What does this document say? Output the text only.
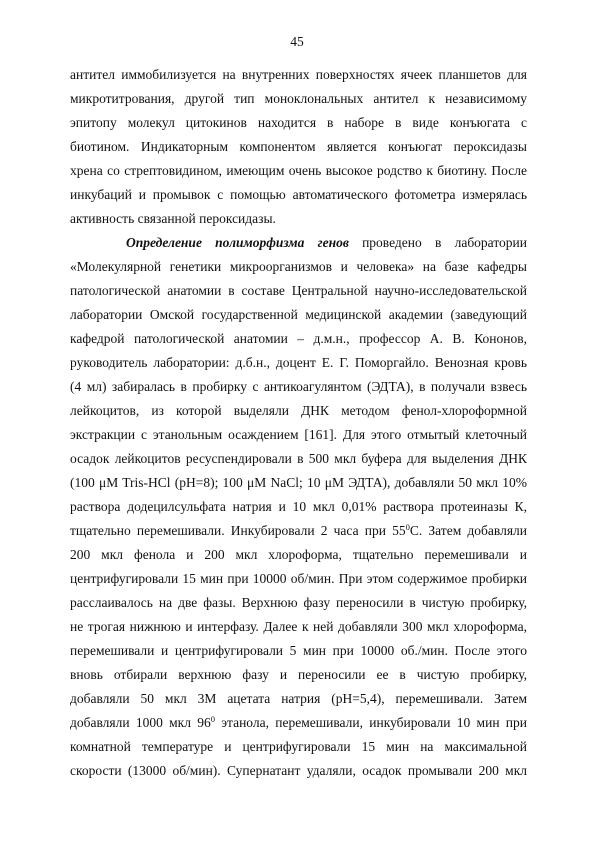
45
антител иммобилизуется на внутренних поверхностях ячеек планшетов для
микротитрования, другой тип моноклональных антител к независимому
эпитопу молекул цитокинов находится в наборе в виде конъюгата с
биотином. Индикаторным компонентом является конъюгат пероксидазы
хрена со стрептовидином, имеющим очень высокое родство к биотину. После
инкубаций и промывок с помощью автоматического фотометра измерялась
активность связанной пероксидазы.
Определение полиморфизма генов проведено в лаборатории
«Молекулярной генетики микроорганизмов и человека» на базе кафедры
патологической анатомии в составе Центральной научно-исследовательской
лаборатории Омской государственной медицинской академии (заведующий
кафедрой патологической анатомии – д.м.н., профессор А. В. Кононов,
руководитель лаборатории: д.б.н., доцент Е. Г. Поморгайло. Венозная кровь
(4 мл) забиралась в пробирку с антикоагулянтом (ЭДТА), в получали взвесь
лейкоцитов, из которой выделяли ДНК методом фенол-хлороформной
экстракции с этанольным осаждением [161]. Для этого отмытый клеточный
осадок лейкоцитов ресуспендировали в 500 мкл буфера для выделения ДНК
(100 μM Tris-HCl (pH=8); 100 μM NaCl; 10 μM ЭДТА), добавляли 50 мкл 10%
раствора додецилсульфата натрия и 10 мкл 0,01% раствора протеиназы К,
тщательно перемешивали. Инкубировали 2 часа при $55^0С$. Затем добавляли
200 мкл фенола и 200 мкл хлороформа, тщательно перемешивали и
центрифугировали 15 мин при 10000 об/мин. При этом содержимое пробирки
расслаивалось на две фазы. Верхнюю фазу переносили в чистую пробирку,
не трогая нижнюю и интерфазу. Далее к ней добавляли 300 мкл хлороформа,
перемешивали и центрифугировали 5 мин при 10000 об./мин. После этого
вновь отбирали верхнюю фазу и переносили ее в чистую пробирку,
добавляли 50 мкл 3М ацетата натрия (pH=5,4), перемешивали. Затем
добавляли 1000 мкл $96^0$ этанола, перемешивали, инкубировали 10 мин при
комнатной температуре и центрифугировали 15 мин на максимальной
скорости (13000 об/мин). Супернатант удаляли, осадок промывали 200 мкл
